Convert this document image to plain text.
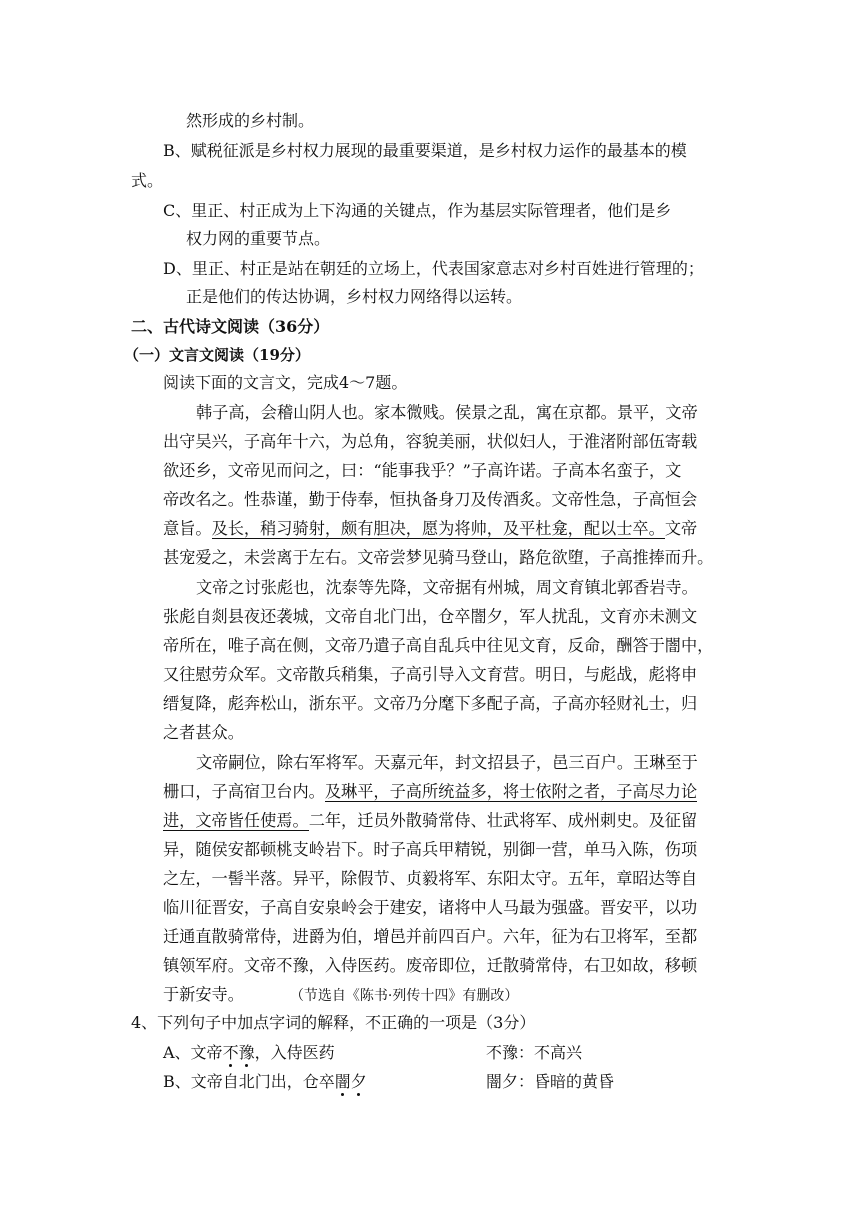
然形成的乡村制。
B、赋税征派是乡村权力展现的最重要渠道，是乡村权力运作的最基本的模
式。
C、里正、村正成为上下沟通的关键点，作为基层实际管理者，他们是乡
权力网的重要节点。
D、里正、村正是站在朝廷的立场上，代表国家意志对乡村百姓进行管理的；
正是他们的传达协调，乡村权力网络得以运转。
二、古代诗文阅读（36分）
（一）文言文阅读（19分）
阅读下面的文言文，完成4～7题。
韩子高，会稽山阴人也。家本微贱。侯景之乱，寓在京都。景平，文帝
出守吴兴，子高年十六，为总角，容貌美丽，状似妇人，于淮渚附部伍寄载
欲还乡，文帝见而问之，曰：“能事我乎？”子高许诺。子高本名蛮子，文
帝改名之。性恭谨，勤于侍奉，恒执备身刀及传酒炙。文帝性急，子高恒会
意旨。及长，稍习骑射，颇有胆决，愿为将帅，及平杜龛，配以士卒。文帝
甚宠爱之，未尝离于左右。文帝尝梦见骑马登山，路危欲堕，子高推捧而升。
文帝之讨张彪也，沈泰等先降，文帝据有州城，周文育镇北郭香岩寺。
张彪自剡县夜还袭城，文帝自北门出，仓卒闇夕，军人扰乱，文育亦未测文
帝所在，唯子高在侧，文帝乃遣子高自乱兵中往见文育，反命，酬答于闇中，
又往慰劳众军。文帝散兵稍集，子高引导入文育营。明日，与彪战，彪将申
缙复降，彪奔松山，浙东平。文帝乃分麾下多配子高，子高亦轻财礼士，归
之者甚众。
文帝嗣位，除右军将军。天嘉元年，封文招县子，邑三百户。王琳至于
栅口，子高宿卫台内。及琳平，子高所统益多，将士依附之者，子高尽力论
进，文帝皆任使焉。二年，迁员外散骑常侍、壮武将军、成州刺史。及征留
异，随侯安都顿桃支岭岩下。时子高兵甲精锐，别御一营，单马入陈，伤项
之左，一髻半落。异平，除假节、贞毅将军、东阳太守。五年，章昭达等自
临川征晋安，子高自安泉岭会于建安，诸将中人马最为强盛。晋安平，以功
迁通直散骑常侍，进爵为伯，增邑并前四百户。六年，征为右卫将军，至都
镇领军府。文帝不豫，入侍医药。废帝即位，迁散骑常侍，右卫如故，移顿
于新安寺。	（节选自《陈书·列传十四》有删改）
4、下列句子中加点字词的解释，不正确的一项是（3分）
A、文帝不豫，入侍医药	不豫：不高兴
B、文帝自北门出，仓卒闇夕	闇夕：昏暗的黄昏
